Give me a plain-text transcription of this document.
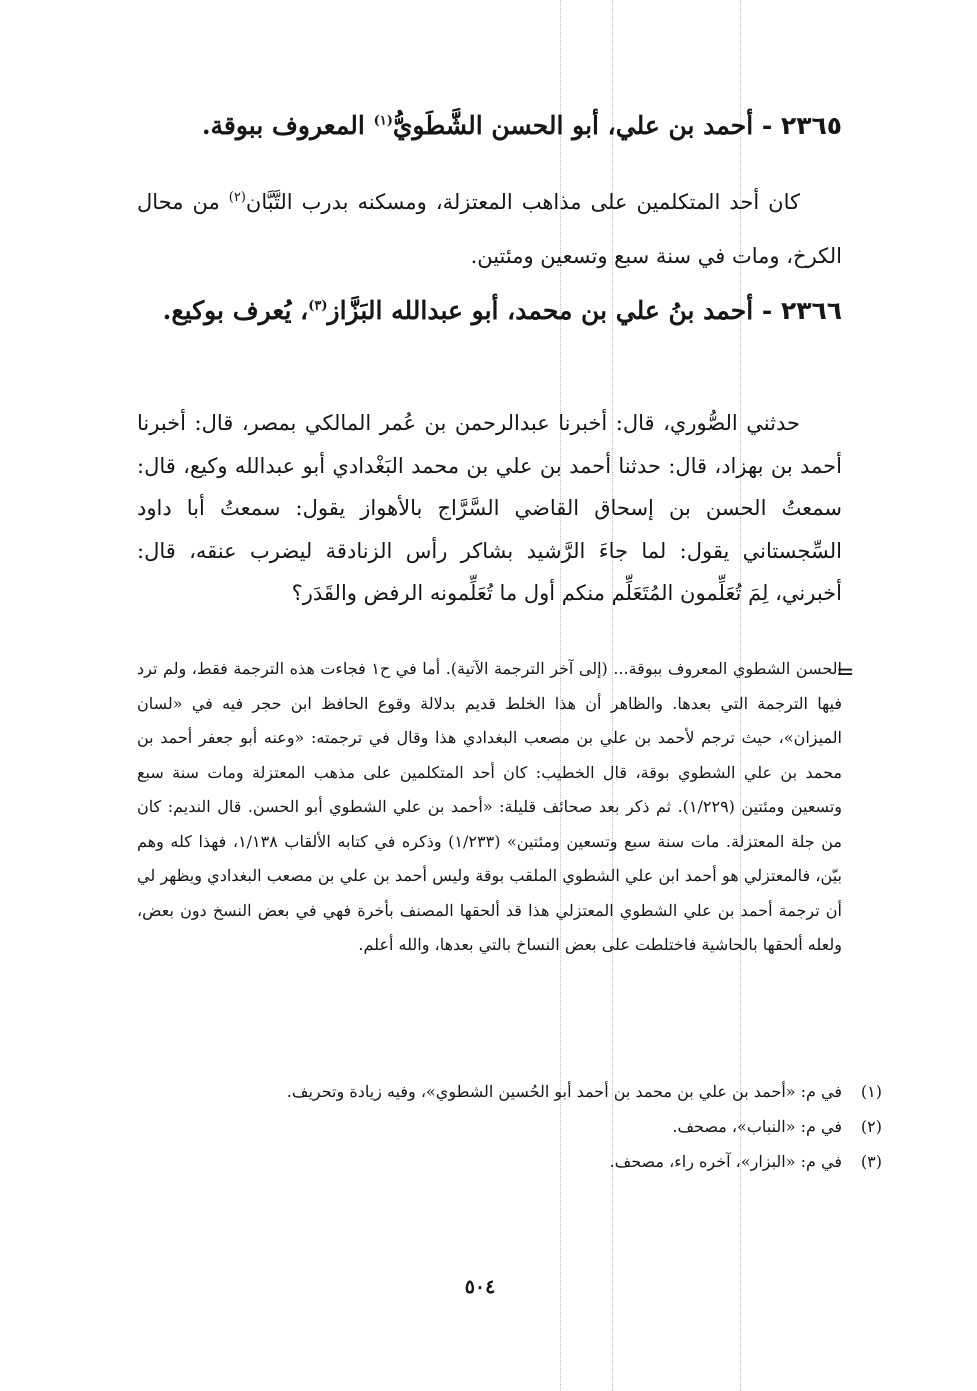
٢٣٦٥ - أحمد بن علي، أبو الحسن الشَّطَويُّ$^{(١)}$ المعروف ببوقة.

كان أحد المتكلمين على مذاهب المعتزلة، ومسكنه بدرب التَّبَّان$^{(٢)}$ من محال الكرخ، ومات في سنة سبع وتسعين ومئتين.

٢٣٦٦ - أحمد بنُ علي بن محمد، أبو عبدالله البَزَّاز$^{(٣)}$، يُعرف بوكيع.

حدثني الصُّوري، قال: أخبرنا عبدالرحمن بن عُمر المالكي بمصر، قال: أخبرنا أحمد بن بهزاد، قال: حدثنا أحمد بن علي بن محمد البَغْدادي أبو عبدالله وكيع، قال: سمعتُ الحسن بن إسحاق القاضي السَّرَّاج بالأهواز يقول: سمعتُ أبا داود السِّجستاني يقول: لما جاءَ الرَّشيد بشاكر رأس الزنادقة ليضرب عنقه، قال: أخبرني، لِمَ تُعَلِّمون المُتَعَلِّم منكم أول ما تُعَلِّمونه الرفض والقَدَر؟

=

الحسن الشطوي المعروف ببوقة... (إلى آخر الترجمة الآتية). أما في ح١ فجاءت هذه الترجمة فقط، ولم ترد فيها الترجمة التي بعدها. والظاهر أن هذا الخلط قديم بدلالة وقوع الحافظ ابن حجر فيه في «لسان الميزان»، حيث ترجم لأحمد بن علي بن مصعب البغدادي هذا وقال في ترجمته: «وعنه أبو جعفر أحمد بن محمد بن علي الشطوي بوقة، قال الخطيب: كان أحد المتكلمين على مذهب المعتزلة ومات سنة سبع وتسعين ومئتين (١/٢٢٩). ثم ذكر بعد صحائف قليلة: «أحمد بن علي الشطوي أبو الحسن. قال النديم: كان من جلة المعتزلة. مات سنة سبع وتسعين ومئتين» (١/٢٣٣) وذكره في كتابه الألقاب ١/١٣٨، فهذا كله وهم بيّن، فالمعتزلي هو أحمد ابن علي الشطوي الملقب بوقة وليس أحمد بن علي بن مصعب البغدادي ويظهر لي أن ترجمة أحمد بن علي الشطوي المعتزلي هذا قد ألحقها المصنف بأخرة فهي في بعض النسخ دون بعض، ولعله ألحقها بالحاشية فاختلطت على بعض النساخ بالتي بعدها، والله أعلم.

(١)
في م: «أحمد بن علي بن محمد بن أحمد أبو الحُسين الشطوي»، وفيه زيادة وتحريف.
(٢)
في م: «النباب»، مصحف.
(٣)
في م: «البزار»، آخره راء، مصحف.
٥٠٤
